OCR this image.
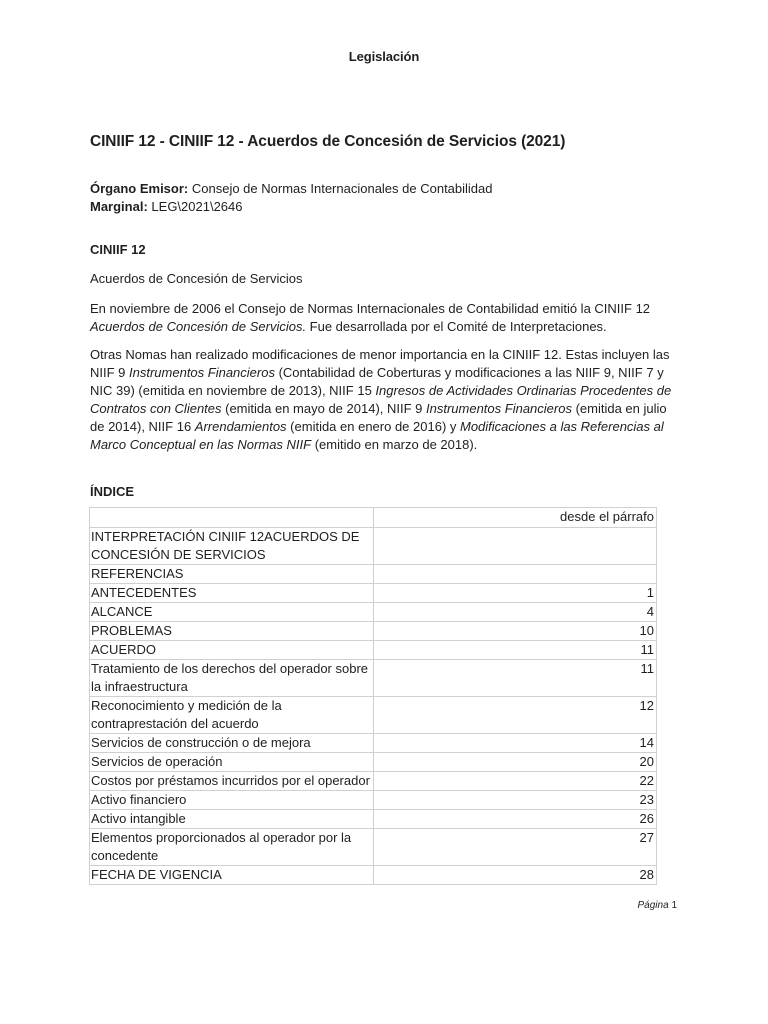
Legislación
CINIIF 12 - CINIIF 12 - Acuerdos de Concesión de Servicios (2021)
Órgano Emisor: Consejo de Normas Internacionales de Contabilidad
Marginal: LEG\2021\2646
CINIIF 12

Acuerdos de Concesión de Servicios

En noviembre de 2006 el Consejo de Normas Internacionales de Contabilidad emitió la CINIIF 12 Acuerdos de Concesión de Servicios. Fue desarrollada por el Comité de Interpretaciones.

Otras Nomas han realizado modificaciones de menor importancia en la CINIIF 12. Estas incluyen las NIIF 9 Instrumentos Financieros (Contabilidad de Coberturas y modificaciones a las NIIF 9, NIIF 7 y NIC 39) (emitida en noviembre de 2013), NIIF 15 Ingresos de Actividades Ordinarias Procedentes de Contratos con Clientes (emitida en mayo de 2014), NIIF 9 Instrumentos Financieros (emitida en julio de 2014), NIIF 16 Arrendamientos (emitida en enero de 2016) y Modificaciones a las Referencias al Marco Conceptual en las Normas NIIF (emitido en marzo de 2018).

ÍNDICE
	desde el párrafo
INTERPRETACIÓN CINIIF 12ACUERDOS DE CONCESIÓN DE SERVICIOS	
REFERENCIAS	
ANTECEDENTES	1
ALCANCE	4
PROBLEMAS	10
ACUERDO	11
Tratamiento de los derechos del operador sobre la infraestructura	11
Reconocimiento y medición de la contraprestación del acuerdo	12
Servicios de construcción o de mejora	14
Servicios de operación	20
Costos por préstamos incurridos por el operador	22
Activo financiero	23
Activo intangible	26
Elementos proporcionados al operador por la concedente	27
FECHA DE VIGENCIA	28
Página 1
